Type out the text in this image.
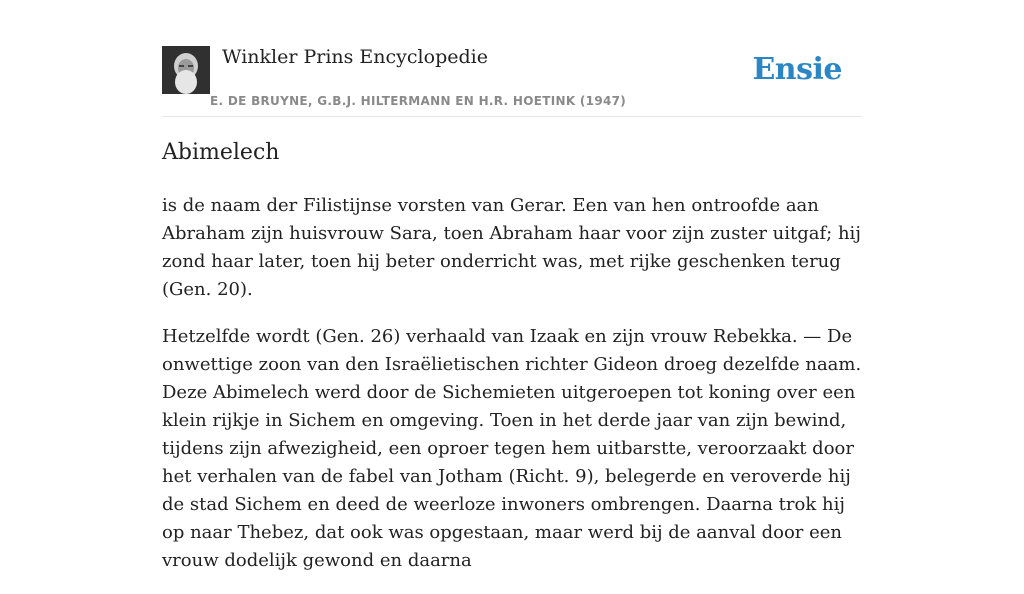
Winkler Prins Encyclopedie
E. DE BRUYNE, G.B.J. HILTERMANN EN H.R. HOETINK (1947)
Ensie
Abimelech

is de naam der Filistijnse vorsten van Gerar. Een van hen ontroofde aan Abraham zijn huisvrouw Sara, toen Abraham haar voor zijn zuster uitgaf; hij zond haar later, toen hij beter onderricht was, met rijke geschenken terug (Gen. 20).

Hetzelfde wordt (Gen. 26) verhaald van Izaak en zijn vrouw Rebekka. — De onwettige zoon van den Israëlietischen richter Gideon droeg dezelfde naam. Deze Abimelech werd door de Sichemieten uitgeroepen tot koning over een klein rijkje in Sichem en omgeving. Toen in het derde jaar van zijn bewind, tijdens zijn afwezigheid, een oproer tegen hem uitbarstte, veroorzaakt door het verhalen van de fabel van Jotham (Richt. 9), belegerde en veroverde hij de stad Sichem en deed de weerloze inwoners ombrengen. Daarna trok hij op naar Thebez, dat ook was opgestaan, maar werd bij de aanval door een vrouw dodelijk gewond en daarna
